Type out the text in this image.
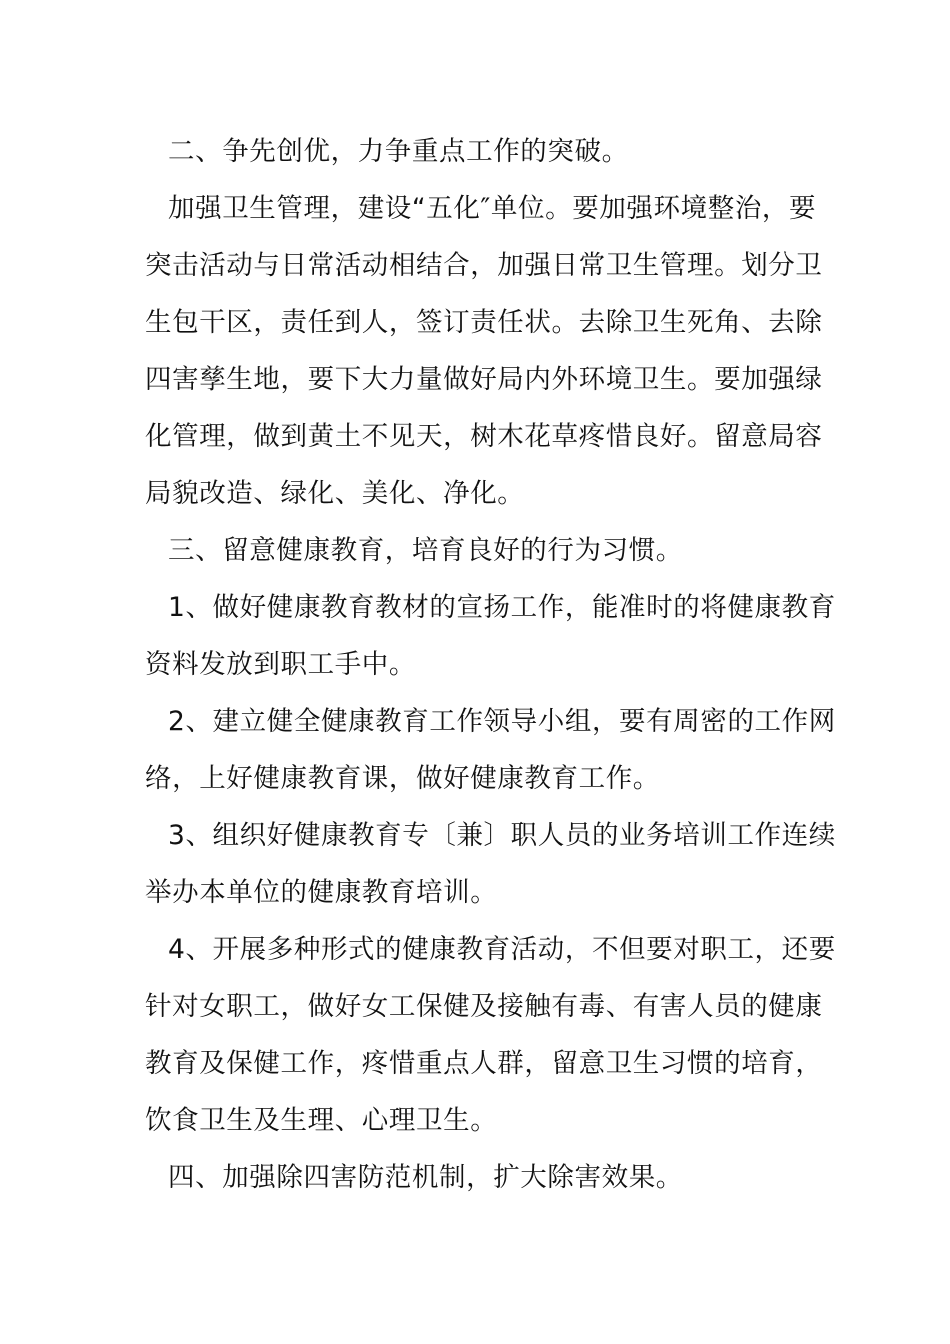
二、争先创优，力争重点工作的突破。
加强卫生管理，建设“五化″单位。要加强环境整治，要
突击活动与日常活动相结合，加强日常卫生管理。划分卫
生包干区，责任到人，签订责任状。去除卫生死角、去除
四害孳生地，要下大力量做好局内外环境卫生。要加强绿
化管理，做到黄土不见天，树木花草疼惜良好。留意局容
局貌改造、绿化、美化、净化。
三、留意健康教育，培育良好的行为习惯。
1、做好健康教育教材的宣扬工作，能准时的将健康教育
资料发放到职工手中。
2、建立健全健康教育工作领导小组，要有周密的工作网
络，上好健康教育课，做好健康教育工作。
3、组织好健康教育专〔兼〕职人员的业务培训工作连续
举办本单位的健康教育培训。
4、开展多种形式的健康教育活动，不但要对职工，还要
针对女职工，做好女工保健及接触有毒、有害人员的健康
教育及保健工作，疼惜重点人群，留意卫生习惯的培育，
饮食卫生及生理、心理卫生。
四、加强除四害防范机制，扩大除害效果。
